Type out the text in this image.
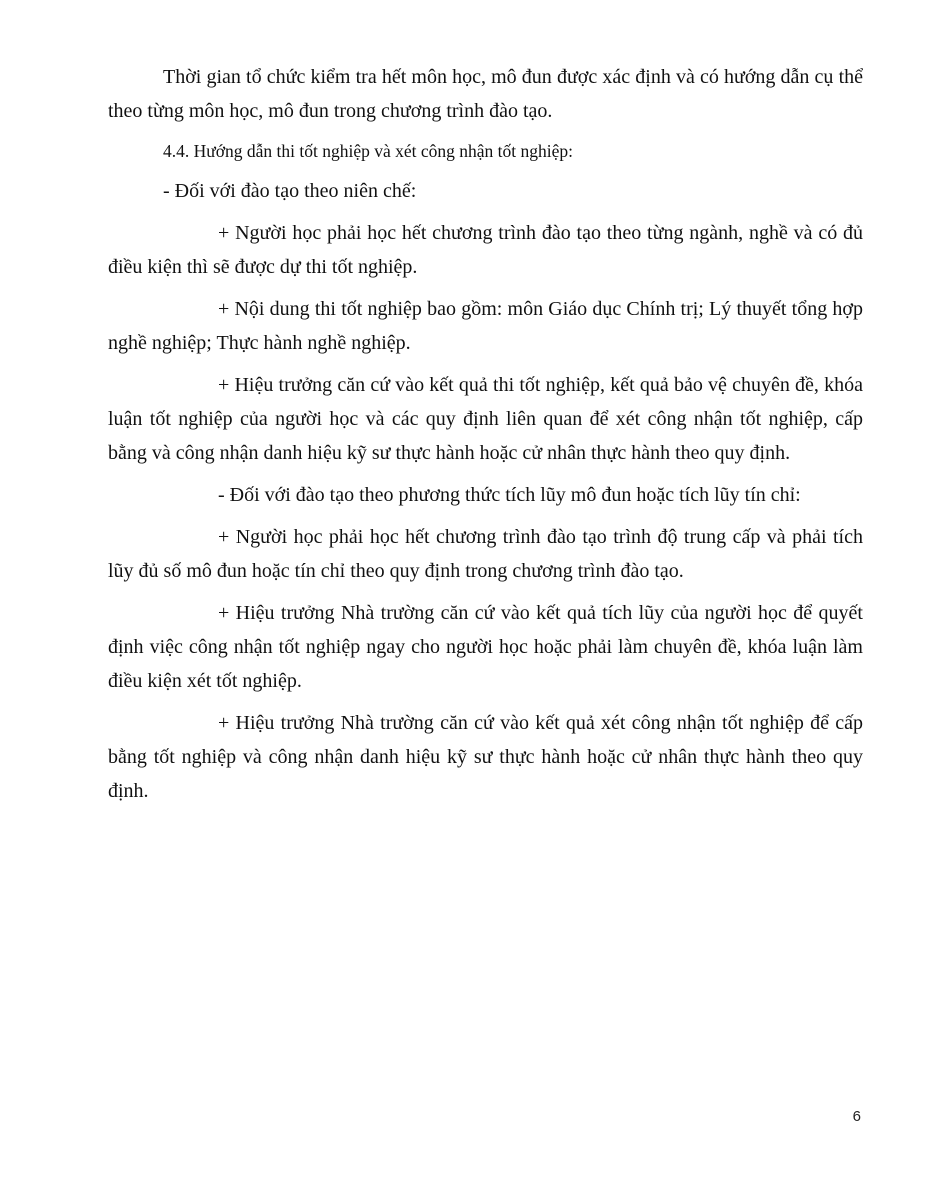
Thời gian tổ chức kiểm tra hết môn học, mô đun được xác định và có hướng dẫn cụ thể theo từng môn học, mô đun trong chương trình đào tạo.

4.4. Hướng dẫn thi tốt nghiệp và xét công nhận tốt nghiệp:

- Đối với đào tạo theo niên chế:

+ Người học phải học hết chương trình đào tạo theo từng ngành, nghề và có đủ điều kiện thì sẽ được dự thi tốt nghiệp.

+ Nội dung thi tốt nghiệp bao gồm: môn Giáo dục Chính trị; Lý thuyết tổng hợp nghề nghiệp; Thực hành nghề nghiệp.

+ Hiệu trưởng căn cứ vào kết quả thi tốt nghiệp, kết quả bảo vệ chuyên đề, khóa luận tốt nghiệp của người học và các quy định liên quan để xét công nhận tốt nghiệp, cấp bằng và công nhận danh hiệu kỹ sư thực hành hoặc cử nhân thực hành theo quy định.

- Đối với đào tạo theo phương thức tích lũy mô đun hoặc tích lũy tín chỉ:

+ Người học phải học hết chương trình đào tạo trình độ trung cấp và phải tích lũy đủ số mô đun hoặc tín chỉ theo quy định trong chương trình đào tạo.

+ Hiệu trưởng Nhà trường căn cứ vào kết quả tích lũy của người học để quyết định việc công nhận tốt nghiệp ngay cho người học hoặc phải làm chuyên đề, khóa luận làm điều kiện xét tốt nghiệp.

+ Hiệu trưởng Nhà trường căn cứ vào kết quả xét công nhận tốt nghiệp để cấp bằng tốt nghiệp và công nhận danh hiệu kỹ sư thực hành hoặc cử nhân thực hành theo quy định.

6
